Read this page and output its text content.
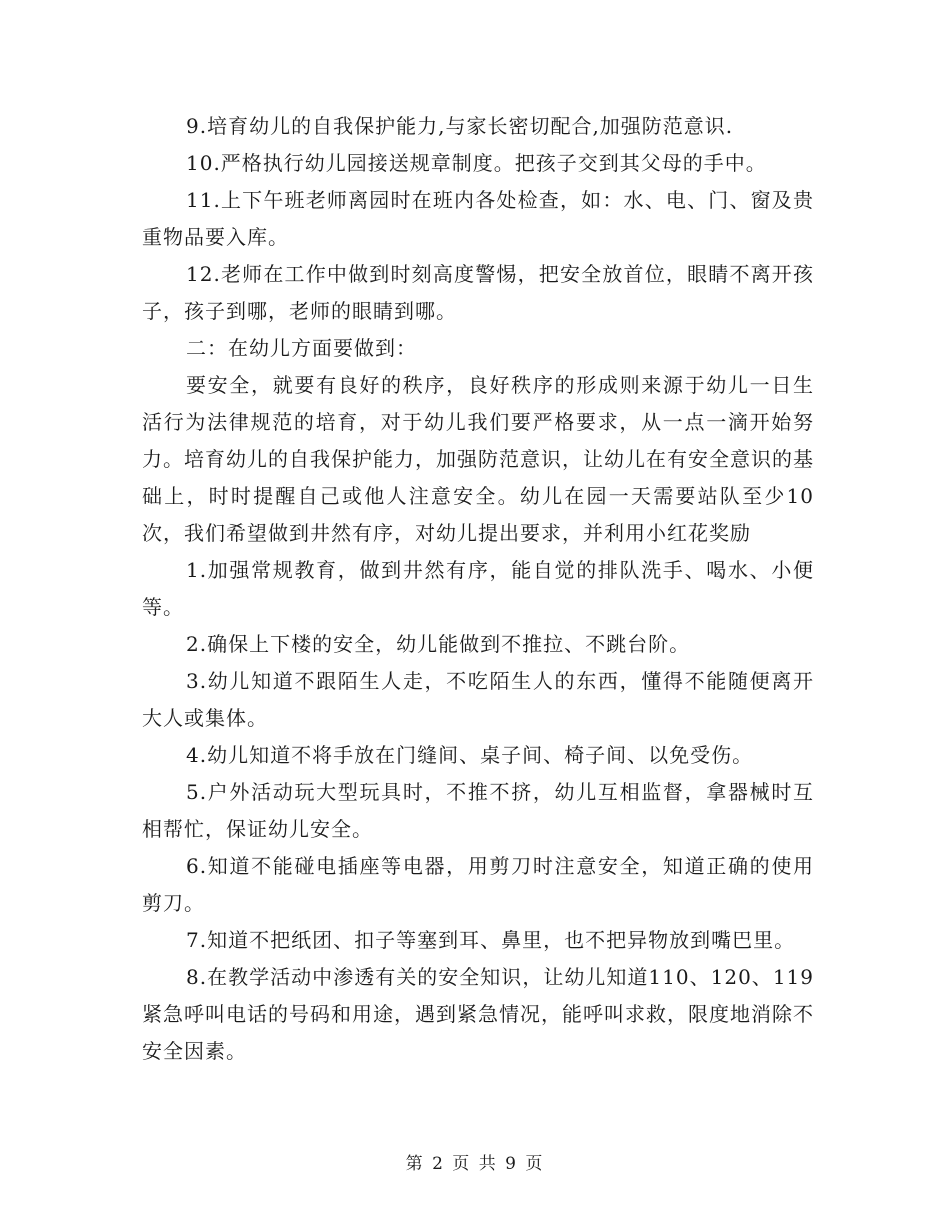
9.培育幼儿的自我保护能力,与家长密切配合,加强防范意识.

10.严格执行幼儿园接送规章制度。把孩子交到其父母的手中。

11.上下午班老师离园时在班内各处检查，如：水、电、门、窗及贵重物品要入库。

12.老师在工作中做到时刻高度警惕，把安全放首位，眼睛不离开孩子，孩子到哪，老师的眼睛到哪。

二：在幼儿方面要做到：

要安全，就要有良好的秩序，良好秩序的形成则来源于幼儿一日生活行为法律规范的培育，对于幼儿我们要严格要求，从一点一滴开始努力。培育幼儿的自我保护能力，加强防范意识，让幼儿在有安全意识的基础上，时时提醒自己或他人注意安全。幼儿在园一天需要站队至少10次，我们希望做到井然有序，对幼儿提出要求，并利用小红花奖励

1.加强常规教育，做到井然有序，能自觉的排队洗手、喝水、小便等。

2.确保上下楼的安全，幼儿能做到不推拉、不跳台阶。

3.幼儿知道不跟陌生人走，不吃陌生人的东西，懂得不能随便离开大人或集体。

4.幼儿知道不将手放在门缝间、桌子间、椅子间、以免受伤。

5.户外活动玩大型玩具时，不推不挤，幼儿互相监督，拿器械时互相帮忙，保证幼儿安全。

6.知道不能碰电插座等电器，用剪刀时注意安全，知道正确的使用剪刀。

7.知道不把纸团、扣子等塞到耳、鼻里，也不把异物放到嘴巴里。

8.在教学活动中渗透有关的安全知识，让幼儿知道110、120、119紧急呼叫电话的号码和用途，遇到紧急情况，能呼叫求救，限度地消除不安全因素。

第 2 页 共 9 页
